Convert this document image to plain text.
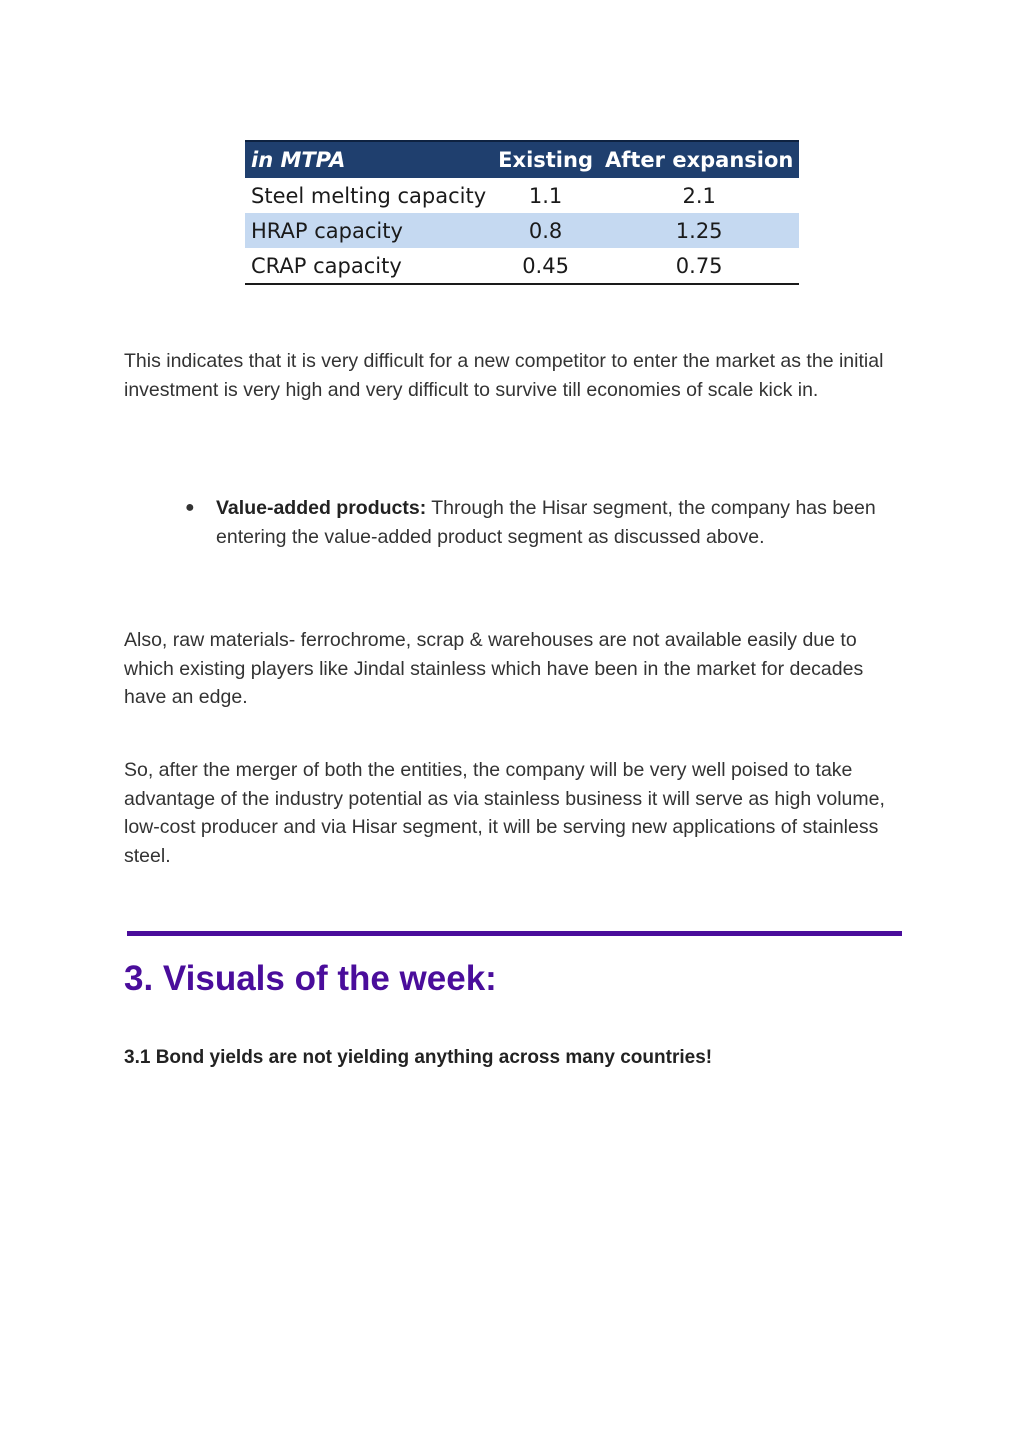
in MTPA	Existing	After expansion
Steel melting capacity	1.1	2.1
HRAP capacity	0.8	1.25
CRAP capacity	0.45	0.75

This indicates that it is very difficult for a new competitor to enter the market as the initial investment is very high and very difficult to survive till economies of scale kick in.

● Value-added products: Through the Hisar segment, the company has been entering the value-added product segment as discussed above.

Also, raw materials- ferrochrome, scrap & warehouses are not available easily due to which existing players like Jindal stainless which have been in the market for decades have an edge.

So, after the merger of both the entities, the company will be very well poised to take advantage of the industry potential as via stainless business it will serve as high volume, low-cost producer and via Hisar segment, it will be serving new applications of stainless steel.

3. Visuals of the week:
3.1 Bond yields are not yielding anything across many countries!
